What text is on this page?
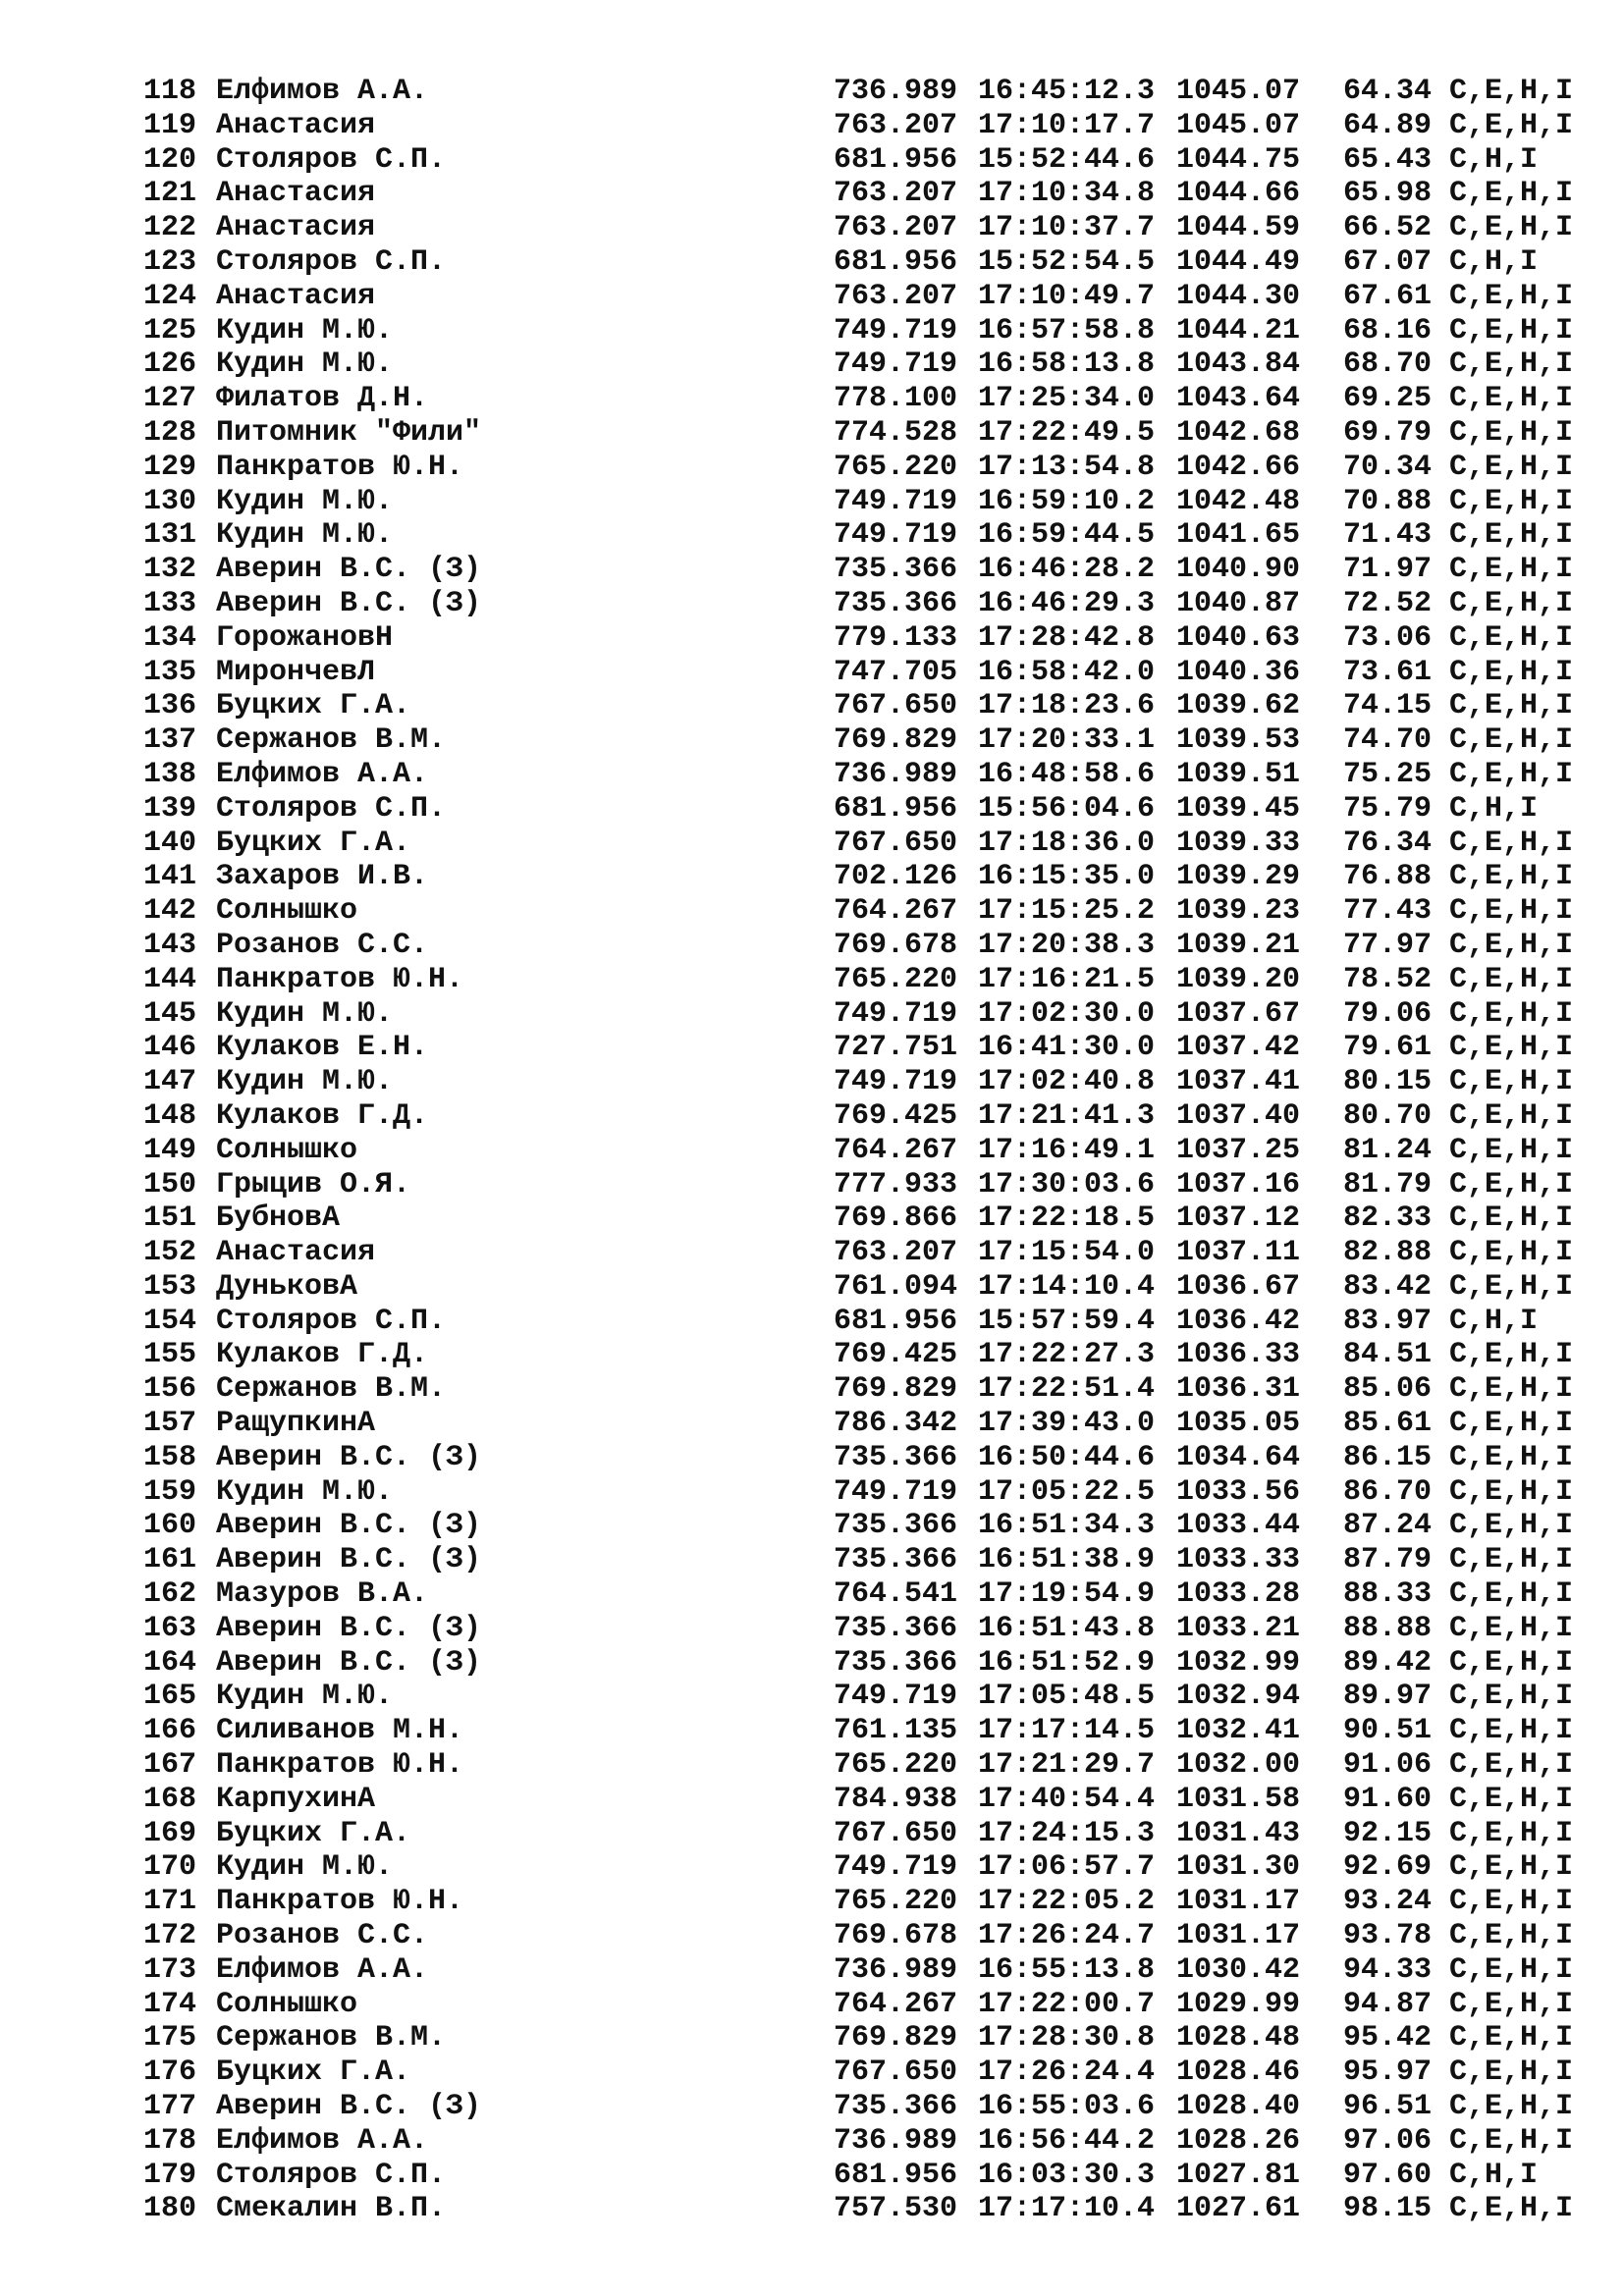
118 Елфимов А.А.	736.989 16:45:12.3 1045.07 64.34 C,E,H,I
119 Анастасия	763.207 17:10:17.7 1045.07 64.89 C,E,H,I
120 Столяров С.П.	681.956 15:52:44.6 1044.75 65.43 C,H,I
121 Анастасия	763.207 17:10:34.8 1044.66 65.98 C,E,H,I
122 Анастасия	763.207 17:10:37.7 1044.59 66.52 C,E,H,I
123 Столяров С.П.	681.956 15:52:54.5 1044.49 67.07 C,H,I
124 Анастасия	763.207 17:10:49.7 1044.30 67.61 C,E,H,I
125 Кудин М.Ю.	749.719 16:57:58.8 1044.21 68.16 C,E,H,I
126 Кудин М.Ю.	749.719 16:58:13.8 1043.84 68.70 C,E,H,I
127 Филатов Д.Н.	778.100 17:25:34.0 1043.64 69.25 C,E,H,I
128 Питомник "Фили"	774.528 17:22:49.5 1042.68 69.79 C,E,H,I
129 Панкратов Ю.Н.	765.220 17:13:54.8 1042.66 70.34 C,E,H,I
130 Кудин М.Ю.	749.719 16:59:10.2 1042.48 70.88 C,E,H,I
131 Кудин М.Ю.	749.719 16:59:44.5 1041.65 71.43 C,E,H,I
132 Аверин В.С. (З)	735.366 16:46:28.2 1040.90 71.97 C,E,H,I
133 Аверин В.С. (З)	735.366 16:46:29.3 1040.87 72.52 C,E,H,I
134 ГорожановН	779.133 17:28:42.8 1040.63 73.06 C,E,H,I
135 МирончевЛ	747.705 16:58:42.0 1040.36 73.61 C,E,H,I
136 Буцких Г.А.	767.650 17:18:23.6 1039.62 74.15 C,E,H,I
137 Сержанов В.М.	769.829 17:20:33.1 1039.53 74.70 C,E,H,I
138 Елфимов А.А.	736.989 16:48:58.6 1039.51 75.25 C,E,H,I
139 Столяров С.П.	681.956 15:56:04.6 1039.45 75.79 C,H,I
140 Буцких Г.А.	767.650 17:18:36.0 1039.33 76.34 C,E,H,I
141 Захаров И.В.	702.126 16:15:35.0 1039.29 76.88 C,E,H,I
142 Солнышко	764.267 17:15:25.2 1039.23 77.43 C,E,H,I
143 Розанов С.С.	769.678 17:20:38.3 1039.21 77.97 C,E,H,I
144 Панкратов Ю.Н.	765.220 17:16:21.5 1039.20 78.52 C,E,H,I
145 Кудин М.Ю.	749.719 17:02:30.0 1037.67 79.06 C,E,H,I
146 Кулаков Е.Н.	727.751 16:41:30.0 1037.42 79.61 C,E,H,I
147 Кудин М.Ю.	749.719 17:02:40.8 1037.41 80.15 C,E,H,I
148 Кулаков Г.Д.	769.425 17:21:41.3 1037.40 80.70 C,E,H,I
149 Солнышко	764.267 17:16:49.1 1037.25 81.24 C,E,H,I
150 Грыцив О.Я.	777.933 17:30:03.6 1037.16 81.79 C,E,H,I
151 БубновА	769.866 17:22:18.5 1037.12 82.33 C,E,H,I
152 Анастасия	763.207 17:15:54.0 1037.11 82.88 C,E,H,I
153 ДуньковА	761.094 17:14:10.4 1036.67 83.42 C,E,H,I
154 Столяров С.П.	681.956 15:57:59.4 1036.42 83.97 C,H,I
155 Кулаков Г.Д.	769.425 17:22:27.3 1036.33 84.51 C,E,H,I
156 Сержанов В.М.	769.829 17:22:51.4 1036.31 85.06 C,E,H,I
157 РащупкинА	786.342 17:39:43.0 1035.05 85.61 C,E,H,I
158 Аверин В.С. (З)	735.366 16:50:44.6 1034.64 86.15 C,E,H,I
159 Кудин М.Ю.	749.719 17:05:22.5 1033.56 86.70 C,E,H,I
160 Аверин В.С. (З)	735.366 16:51:34.3 1033.44 87.24 C,E,H,I
161 Аверин В.С. (З)	735.366 16:51:38.9 1033.33 87.79 C,E,H,I
162 Мазуров В.А.	764.541 17:19:54.9 1033.28 88.33 C,E,H,I
163 Аверин В.С. (З)	735.366 16:51:43.8 1033.21 88.88 C,E,H,I
164 Аверин В.С. (З)	735.366 16:51:52.9 1032.99 89.42 C,E,H,I
165 Кудин М.Ю.	749.719 17:05:48.5 1032.94 89.97 C,E,H,I
166 Силиванов М.Н.	761.135 17:17:14.5 1032.41 90.51 C,E,H,I
167 Панкратов Ю.Н.	765.220 17:21:29.7 1032.00 91.06 C,E,H,I
168 КарпухинА	784.938 17:40:54.4 1031.58 91.60 C,E,H,I
169 Буцких Г.А.	767.650 17:24:15.3 1031.43 92.15 C,E,H,I
170 Кудин М.Ю.	749.719 17:06:57.7 1031.30 92.69 C,E,H,I
171 Панкратов Ю.Н.	765.220 17:22:05.2 1031.17 93.24 C,E,H,I
172 Розанов С.С.	769.678 17:26:24.7 1031.17 93.78 C,E,H,I
173 Елфимов А.А.	736.989 16:55:13.8 1030.42 94.33 C,E,H,I
174 Солнышко	764.267 17:22:00.7 1029.99 94.87 C,E,H,I
175 Сержанов В.М.	769.829 17:28:30.8 1028.48 95.42 C,E,H,I
176 Буцких Г.А.	767.650 17:26:24.4 1028.46 95.97 C,E,H,I
177 Аверин В.С. (З)	735.366 16:55:03.6 1028.40 96.51 C,E,H,I
178 Елфимов А.А.	736.989 16:56:44.2 1028.26 97.06 C,E,H,I
179 Столяров С.П.	681.956 16:03:30.3 1027.81 97.60 C,H,I
180 Смекалин В.П.	757.530 17:17:10.4 1027.61 98.15 C,E,H,I
